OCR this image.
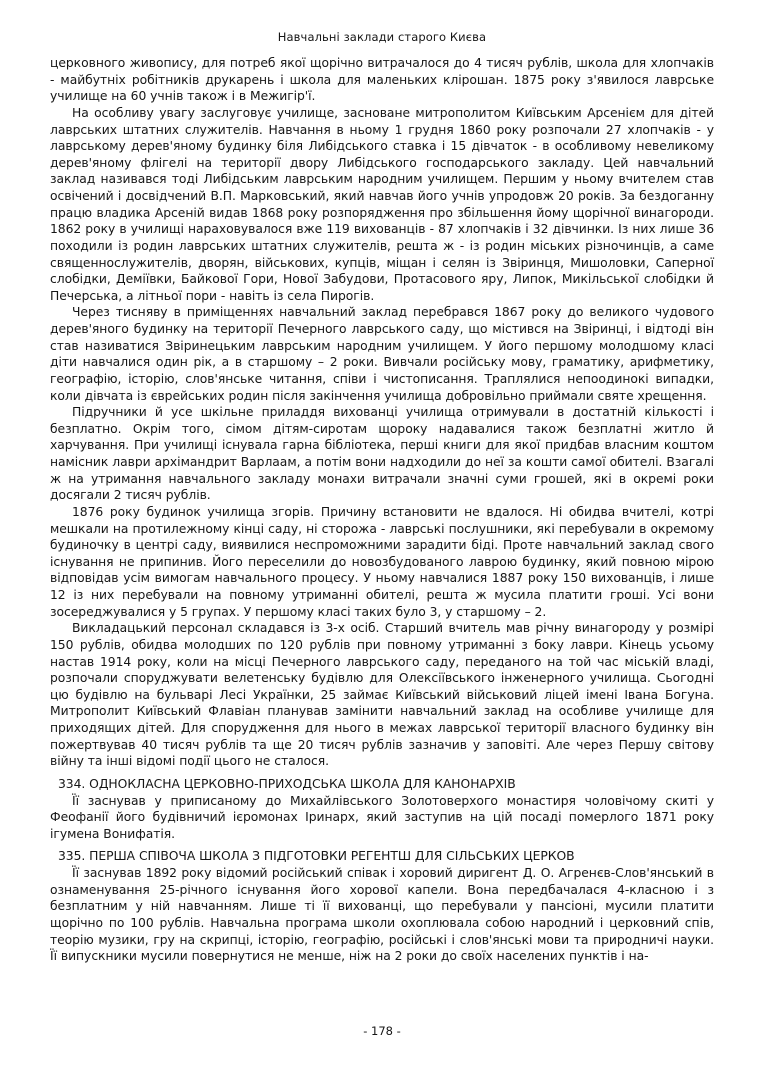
Навчальні заклади старого Києва

церковного живопису, для потреб якої щорічно витрачалося до 4 тисяч рублів, школа для хлопчаків - майбутніх робітників друкарень і школа для маленьких клірошан. 1875 року з'явилося лаврське училище на 60 учнів також і в Межигір'ї.

На особливу увагу заслуговує училище, засноване митрополитом Київським Арсенієм для дітей лаврських штатних служителів. Навчання в ньому 1 грудня 1860 року розпочали 27 хлопчаків - у лаврському дерев'яному будинку біля Либідського ставка і 15 дівчаток - в особливому невеликому дерев'яному флігелі на території двору Либідського господарського закладу. Цей навчальний заклад називався тоді Либідським лаврським народним училищем. Першим у ньому вчителем став освічений і досвідчений В.П. Марковський, який навчав його учнів упродовж 20 років. За бездоганну працю владика Арсеній видав 1868 року розпорядження про збільшення йому щорічної винагороди. 1862 року в училищі нараховувалося вже 119 вихованців - 87 хлопчаків і 32 дівчинки. Із них лише 36 походили із родин лаврських штатних служителів, решта ж - із родин міських різночинців, а саме священнослужителів, дворян, військових, купців, міщан і селян із Звіринця, Мишоловки, Саперної слобідки, Деміївки, Байкової Гори, Нової Забудови, Протасового яру, Липок, Микільської слобідки й Печерська, а літньої пори - навіть із села Пирогів.

Через тисняву в приміщеннях навчальний заклад перебрався 1867 року до великого чудового дерев'яного будинку на території Печерного лаврського саду, що містився на Звіринці, і відтоді він став називатися Звіринецьким лаврським народним училищем. У його першому молодшому класі діти навчалися один рік, а в старшому – 2 роки. Вивчали російську мову, граматику, арифметику, географію, історію, слов'янське читання, співи і чистописання. Траплялися непоодинокі випадки, коли дівчата із єврейських родин після закінчення училища добровільно приймали святе хрещення.

Підручники й усе шкільне приладдя вихованці училища отримували в достатній кількості і безплатно. Окрім того, сімом дітям-сиротам щороку надавалися також безплатні житло й харчування. При училищі існувала гарна бібліотека, перші книги для якої придбав власним коштом намісник лаври архімандрит Варлаам, а потім вони надходили до неї за кошти самої обителі. Взагалі ж на утримання навчального закладу монахи витрачали значні суми грошей, які в окремі роки досягали 2 тисяч рублів.

1876 року будинок училища згорів. Причину встановити не вдалося. Ні обидва вчителі, котрі мешкали на протилежному кінці саду, ні сторожа - лаврські послушники, які перебували в окремому будиночку в центрі саду, виявилися неспроможними зарадити біді. Проте навчальний заклад свого існування не припинив. Його переселили до новозбудованого лаврою будинку, який повною мірою відповідав усім вимогам навчального процесу. У ньому навчалися 1887 року 150 вихованців, і лише 12 із них перебували на повному утриманні обителі, решта ж мусила платити гроші. Усі вони зосереджувалися у 5 групах. У першому класі таких було 3, у старшому – 2.

Викладацький персонал складався із 3-х осіб. Старший вчитель мав річну винагороду у розмірі 150 рублів, обидва молодших по 120 рублів при повному утриманні з боку лаври. Кінець усьому настав 1914 року, коли на місці Печерного лаврського саду, переданого на той час міській владі, розпочали споруджувати велетенську будівлю для Олексіївського інженерного училища. Сьогодні цю будівлю на бульварі Лесі Українки, 25 займає Київський військовий ліцей імені Івана Богуна. Митрополит Київський Флавіан планував замінити навчальний заклад на особливе училище для приходящих дітей. Для спорудження для нього в межах лаврської території власного будинку він пожертвував 40 тисяч рублів та ще 20 тисяч рублів зазначив у заповіті. Але через Першу світову війну та інші відомі події цього не сталося.

334. ОДНОКЛАСНА ЦЕРКОВНО-ПРИХОДСЬКА ШКОЛА ДЛЯ КАНОНАРХІВ

Її заснував у приписаному до Михайлівського Золотоверхого монастиря чоловічому скиті у Феофанії його будівничий ієромонах Іринарх, який заступив на цій посаді померлого 1871 року ігумена Вонифатія.

335. ПЕРША СПІВОЧА ШКОЛА З ПІДГОТОВКИ РЕГЕНТШ ДЛЯ СІЛЬСЬКИХ ЦЕРКОВ

Її заснував 1892 року відомий російський співак і хоровий диригент Д. О. Агренєв-Слов'янський в ознаменування 25-річного існування його хорової капели. Вона передбачалася 4-класною і з безплатним у ній навчанням. Лише ті її вихованці, що перебували у пансіоні, мусили платити щорічно по 100 рублів. Навчальна програма школи охоплювала собою народний і церковний спів, теорію музики, гру на скрипці, історію, географію, російські і слов'янські мови та природничі науки. Її випускники мусили повернутися не менше, ніж на 2 роки до своїх населених пунктів і на-

- 178 -
